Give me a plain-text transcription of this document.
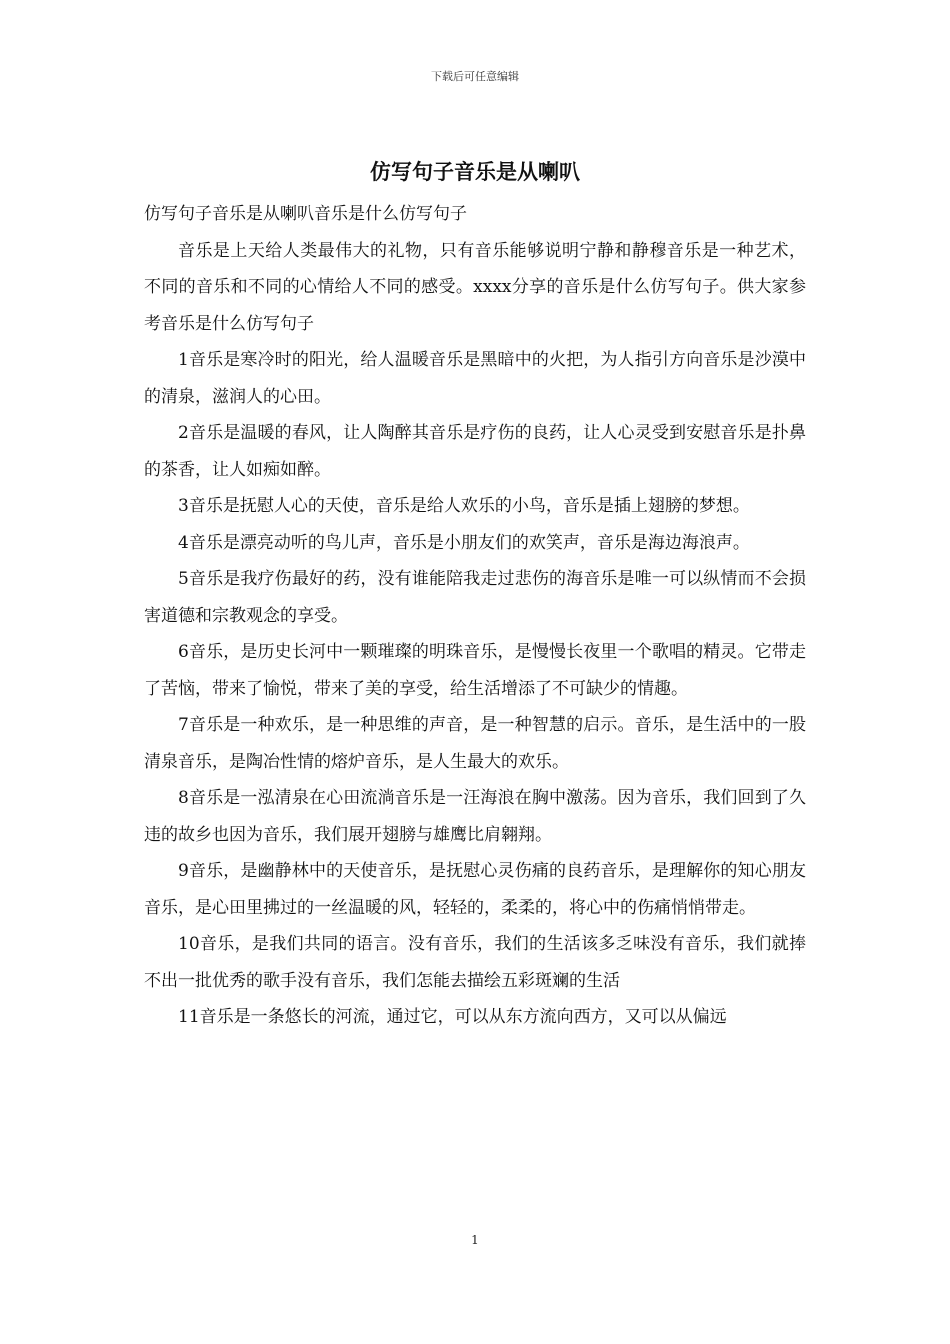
下载后可任意编辑
仿写句子音乐是从喇叭

仿写句子音乐是从喇叭音乐是什么仿写句子

音乐是上天给人类最伟大的礼物，只有音乐能够说明宁静和静穆音乐是一种艺术，不同的音乐和不同的心情给人不同的感受。xxxx分享的音乐是什么仿写句子。供大家参考音乐是什么仿写句子

1音乐是寒冷时的阳光，给人温暖音乐是黑暗中的火把，为人指引方向音乐是沙漠中的清泉，滋润人的心田。

2音乐是温暖的春风，让人陶醉其音乐是疗伤的良药，让人心灵受到安慰音乐是扑鼻的茶香，让人如痴如醉。

3音乐是抚慰人心的天使，音乐是给人欢乐的小鸟，音乐是插上翅膀的梦想。

4音乐是漂亮动听的鸟儿声，音乐是小朋友们的欢笑声，音乐是海边海浪声。

5音乐是我疗伤最好的药，没有谁能陪我走过悲伤的海音乐是唯一可以纵情而不会损害道德和宗教观念的享受。

6音乐，是历史长河中一颗璀璨的明珠音乐，是慢慢长夜里一个歌唱的精灵。它带走了苦恼，带来了愉悦，带来了美的享受，给生活增添了不可缺少的情趣。

7音乐是一种欢乐，是一种思维的声音，是一种智慧的启示。音乐，是生活中的一股清泉音乐，是陶冶性情的熔炉音乐，是人生最大的欢乐。

8音乐是一泓清泉在心田流淌音乐是一汪海浪在胸中激荡。因为音乐，我们回到了久违的故乡也因为音乐，我们展开翅膀与雄鹰比肩翱翔。

9音乐，是幽静林中的天使音乐，是抚慰心灵伤痛的良药音乐，是理解你的知心朋友音乐，是心田里拂过的一丝温暖的风，轻轻的，柔柔的，将心中的伤痛悄悄带走。

10音乐，是我们共同的语言。没有音乐，我们的生活该多乏味没有音乐，我们就捧不出一批优秀的歌手没有音乐，我们怎能去描绘五彩斑斓的生活

11音乐是一条悠长的河流，通过它，可以从东方流向西方，又可以从偏远

1
